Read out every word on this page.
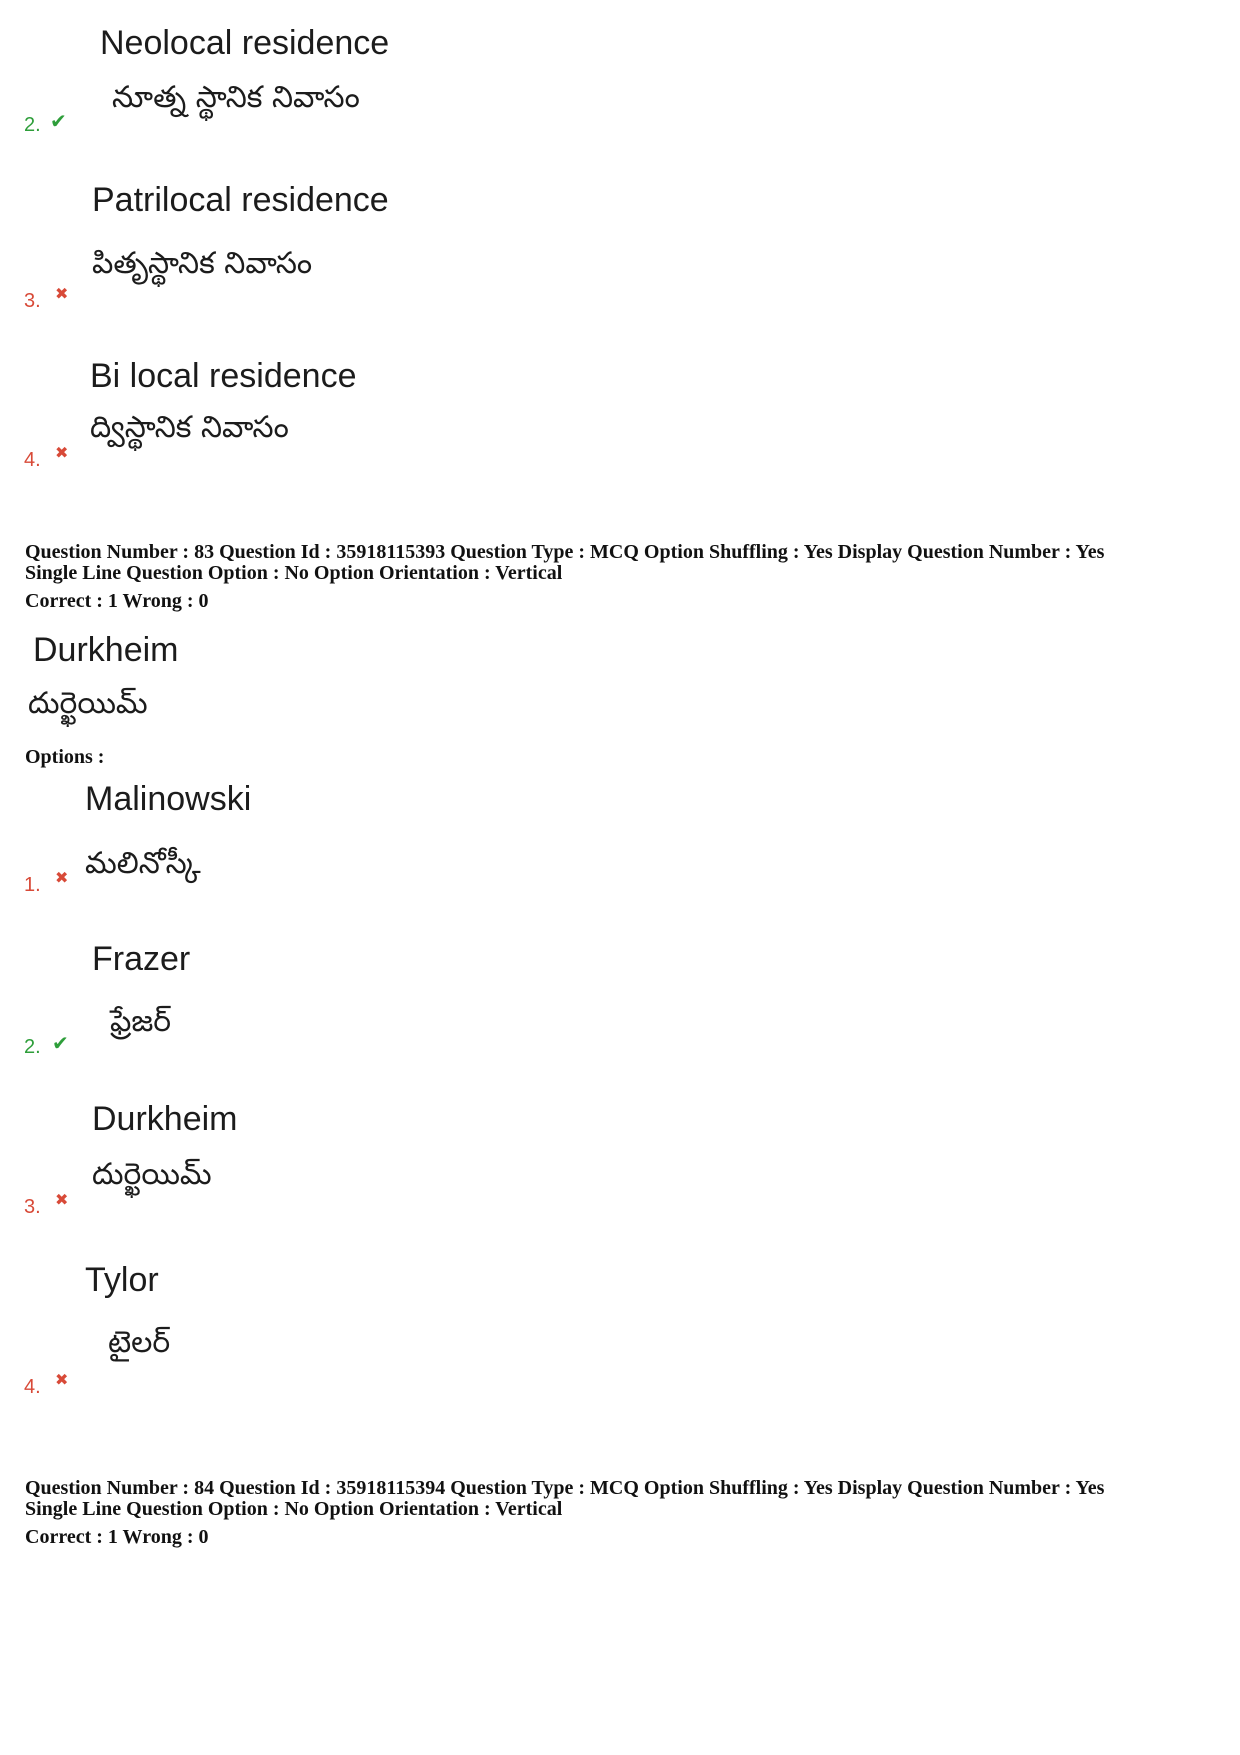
Neolocal residence
నూత్న స్థానిక నివాసం
2. ✔
Patrilocal residence
పితృస్థానిక నివాసం
3. ✖
Bi local residence
ద్విస్థానిక నివాసం
4. ✖
Question Number : 83 Question Id : 35918115393 Question Type : MCQ Option Shuffling : Yes Display Question Number : Yes
Single Line Question Option : No Option Orientation : Vertical
Correct : 1 Wrong : 0
Durkheim
దుర్ఖెయిమ్
Options :
Malinowski
మలినోస్కీ
1. ✖
Frazer
ఫ్రేజర్
2. ✔
Durkheim
దుర్ఖెయిమ్
3. ✖
Tylor
టైలర్
4. ✖
Question Number : 84 Question Id : 35918115394 Question Type : MCQ Option Shuffling : Yes Display Question Number : Yes
Single Line Question Option : No Option Orientation : Vertical
Correct : 1 Wrong : 0
